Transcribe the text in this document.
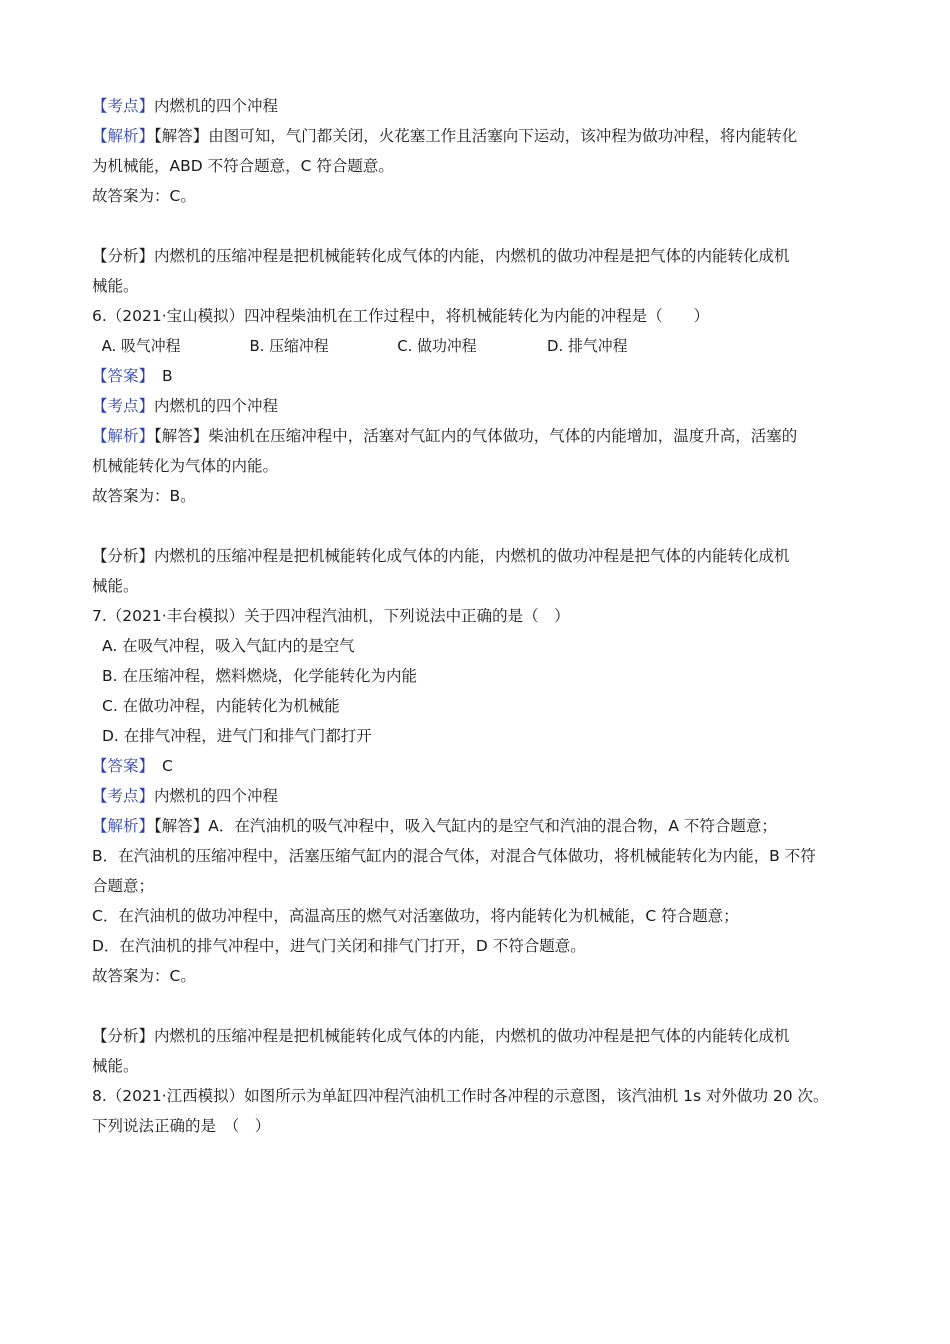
【考点】内燃机的四个冲程
【解析】【解答】由图可知，气门都关闭，火花塞工作且活塞向下运动，该冲程为做功冲程，将内能转化
为机械能，ABD 不符合题意，C 符合题意。
故答案为：C。
【分析】内燃机的压缩冲程是把机械能转化成气体的内能，内燃机的做功冲程是把气体的内能转化成机
械能。
6.（2021·宝山模拟）四冲程柴油机在工作过程中，将机械能转化为内能的冲程是（　　）
A. 吸气冲程	B. 压缩冲程	C. 做功冲程	D. 排气冲程
【答案】 B
【考点】内燃机的四个冲程
【解析】【解答】柴油机在压缩冲程中，活塞对气缸内的气体做功，气体的内能增加，温度升高，活塞的
机械能转化为气体的内能。
故答案为：B。
【分析】内燃机的压缩冲程是把机械能转化成气体的内能，内燃机的做功冲程是把气体的内能转化成机
械能。
7.（2021·丰台模拟）关于四冲程汽油机，下列说法中正确的是（　）
A. 在吸气冲程，吸入气缸内的是空气
B. 在压缩冲程，燃料燃烧，化学能转化为内能
C. 在做功冲程，内能转化为机械能
D. 在排气冲程，进气门和排气门都打开
【答案】 C
【考点】内燃机的四个冲程
【解析】【解答】A．在汽油机的吸气冲程中，吸入气缸内的是空气和汽油的混合物，A 不符合题意；
B．在汽油机的压缩冲程中，活塞压缩气缸内的混合气体，对混合气体做功，将机械能转化为内能，B 不符
合题意；
C．在汽油机的做功冲程中，高温高压的燃气对活塞做功，将内能转化为机械能，C 符合题意；
D．在汽油机的排气冲程中，进气门关闭和排气门打开，D 不符合题意。
故答案为：C。
【分析】内燃机的压缩冲程是把机械能转化成气体的内能，内燃机的做功冲程是把气体的内能转化成机
械能。
8.（2021·江西模拟）如图所示为单缸四冲程汽油机工作时各冲程的示意图，该汽油机 1s 对外做功 20 次。
下列说法正确的是　（　）
